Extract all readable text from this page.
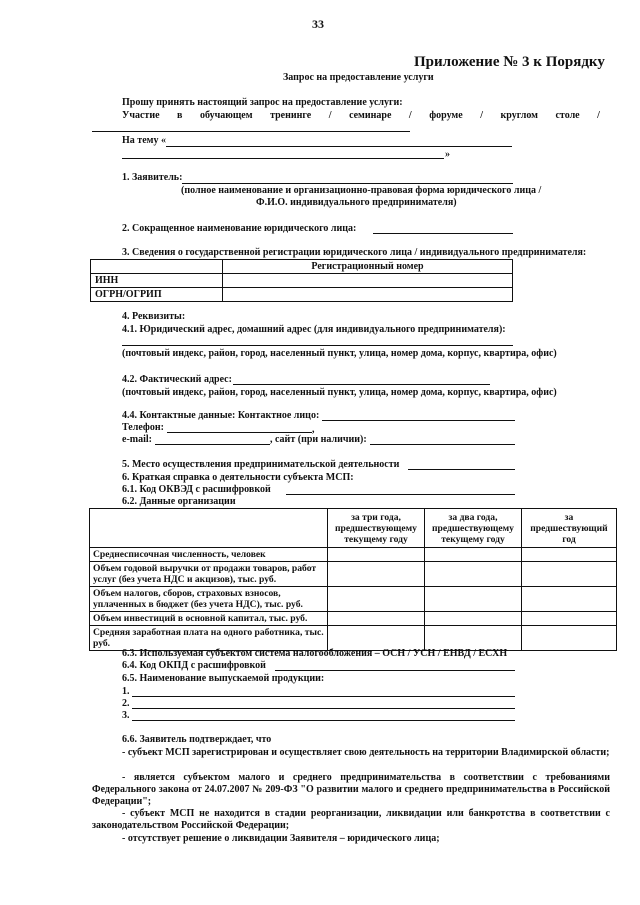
33
Приложение № 3 к Порядку
Запрос на предоставление услуги
Прошу принять настоящий запрос на предоставление услуги:
Участие в обучающем тренинге / семинаре / форуме / круглом столе /
На тему «
»
1. Заявитель:
(полное наименование и организационно-правовая форма юридического лица /
Ф.И.О. индивидуального предпринимателя)
2. Сокращенное наименование юридического лица:
3. Сведения о государственной регистрации юридического лица / индивидуального предпринимателя:
	Регистрационный номер
ИНН	
ОГРН/ОГРИП	
4. Реквизиты:
4.1. Юридический адрес, домашний адрес (для индивидуального предпринимателя):
(почтовый индекс, район, город, населенный пункт, улица, номер дома, корпус, квартира, офис)
4.2. Фактический адрес:
(почтовый индекс, район, город, населенный пункт, улица, номер дома, корпус, квартира, офис)
4.4. Контактные данные: Контактное лицо:
Телефон:	,
e-mail:	, сайт (при наличии):
5. Место осуществления предпринимательской деятельности
6. Краткая справка о деятельности субъекта МСП:
6.1. Код ОКВЭД с расшифровкой
6.2. Данные организации
	за три года, предшествующему текущему году	за два года, предшествующему текущему году	за предшествующий год
Среднесписочная численность, человек			
Объем годовой выручки от продажи товаров, работ услуг (без учета НДС и акцизов), тыс. руб.			
Объем налогов, сборов, страховых взносов, уплаченных в бюджет (без учета НДС), тыс. руб.			
Объем инвестиций в основной капитал, тыс. руб.			
Средняя заработная плата на одного работника, тыс. руб.			
6.3. Используемая субъектом система налогообложения – ОСН / УСН / ЕНВД / ЕСХН
6.4. Код ОКПД с расшифровкой
6.5. Наименование выпускаемой продукции:
1.
2.
3.
6.6. Заявитель подтверждает, что
- субъект МСП зарегистрирован и осуществляет свою деятельность на территории Владимирской области;
- является субъектом малого и среднего предпринимательства в соответствии с требованиями Федерального закона от 24.07.2007 № 209-ФЗ "О развитии малого и среднего предпринимательства в Российской Федерации";
- субъект МСП не находится в стадии реорганизации, ликвидации или банкротства в соответствии с законодательством Российской Федерации;
- отсутствует решение о ликвидации Заявителя – юридического лица;
